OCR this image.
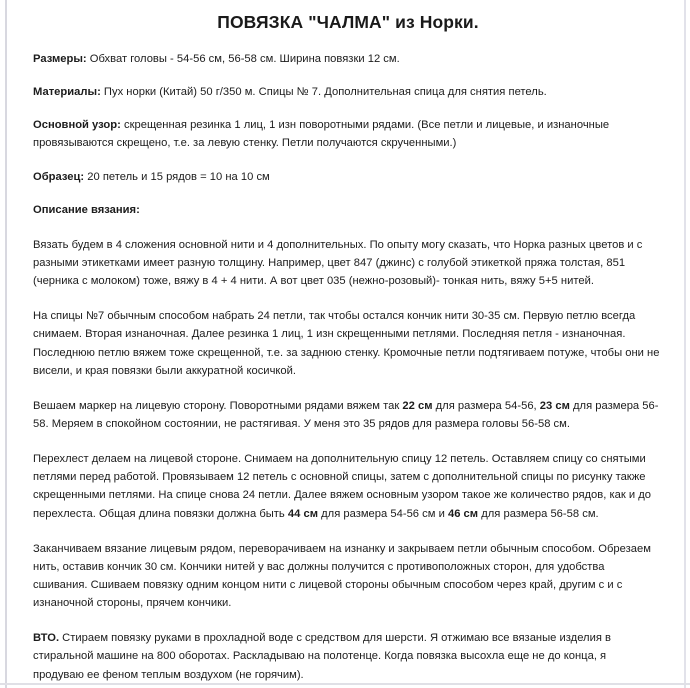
ПОВЯЗКА "ЧАЛМА" из Норки.

Размеры: Обхват головы - 54-56 см, 56-58 см. Ширина повязки 12 см.

Материалы: Пух норки (Китай) 50 г/350 м. Спицы № 7. Дополнительная спица для снятия петель.

Основной узор: скрещенная резинка 1 лиц, 1 изн поворотными рядами. (Все петли и лицевые, и изнаночные провязываются скрещено, т.е. за левую стенку. Петли получаются скрученными.)

Образец: 20 петель и 15 рядов = 10 на 10 см

Описание вязания:

Вязать будем в 4 сложения основной нити и 4 дополнительных. По опыту могу сказать, что Норка разных цветов и с разными этикетками имеет разную толщину. Например, цвет 847 (джинс) с голубой этикеткой пряжа толстая, 851 (черника с молоком) тоже, вяжу в 4 + 4 нити. А вот цвет 035 (нежно-розовый)- тонкая нить, вяжу 5+5 нитей.

На спицы №7 обычным способом набрать 24 петли, так чтобы остался кончик нити 30-35 см. Первую петлю всегда снимаем. Вторая изнаночная. Далее резинка 1 лиц, 1 изн скрещенными петлями. Последняя петля - изнаночная. Последнюю петлю вяжем тоже скрещенной, т.е. за заднюю стенку. Кромочные петли подтягиваем потуже, чтобы они не висели, и края повязки были аккуратной косичкой.

Вешаем маркер на лицевую сторону. Поворотными рядами вяжем так 22 см для размера 54-56, 23 см для размера 56-58. Меряем в спокойном состоянии, не растягивая. У меня это 35 рядов для размера головы 56-58 см.

Перехлест делаем на лицевой стороне. Снимаем на дополнительную спицу 12 петель. Оставляем спицу со снятыми петлями перед работой. Провязываем 12 петель с основной спицы, затем с дополнительной спицы по рисунку также скрещенными петлями. На спице снова 24 петли. Далее вяжем основным узором такое же количество рядов, как и до перехлеста. Общая длина повязки должна быть 44 см для размера 54-56 см и 46 см для размера 56-58 см.

Заканчиваем вязание лицевым рядом, переворачиваем на изнанку и закрываем петли обычным способом. Обрезаем нить, оставив кончик 30 см. Кончики нитей у вас должны получится с противоположных сторон, для удобства сшивания. Сшиваем повязку одним концом нити с лицевой стороны обычным способом через край, другим с и с изнаночной стороны, прячем кончики.

ВТО. Стираем повязку руками в прохладной воде с средством для шерсти. Я отжимаю все вязаные изделия в стиральной машине на 800 оборотах. Раскладываю на полотенце. Когда повязка высохла еще не до конца, я продуваю ее феном теплым воздухом (не горячим).
